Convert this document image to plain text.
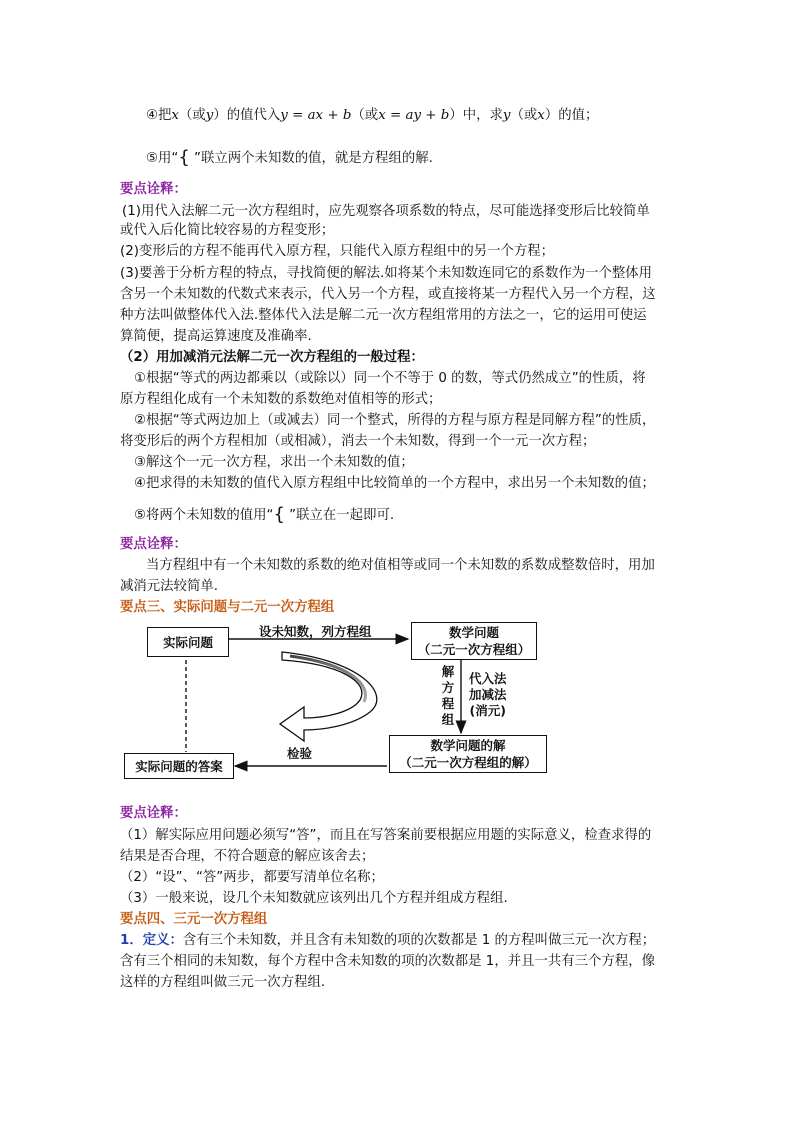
④把x（或y）的值代入y = ax + b（或x = ay + b）中，求y（或x）的值；
⑤用“{ ”联立两个未知数的值，就是方程组的解.
要点诠释：
(1)用代入法解二元一次方程组时，应先观察各项系数的特点，尽可能选择变形后比较简单
或代入后化简比较容易的方程变形；
(2)变形后的方程不能再代入原方程，只能代入原方程组中的另一个方程；
(3)要善于分析方程的特点，寻找简便的解法.如将某个未知数连同它的系数作为一个整体用
含另一个未知数的代数式来表示，代入另一个方程，或直接将某一方程代入另一个方程，这
种方法叫做整体代入法.整体代入法是解二元一次方程组常用的方法之一，它的运用可使运
算简便，提高运算速度及准确率.
（2）用加减消元法解二元一次方程组的一般过程：
①根据“等式的两边都乘以（或除以）同一个不等于 0 的数，等式仍然成立”的性质，将
原方程组化成有一个未知数的系数绝对值相等的形式；
②根据“等式两边加上（或减去）同一个整式，所得的方程与原方程是同解方程”的性质，
将变形后的两个方程相加（或相减），消去一个未知数，得到一个一元一次方程；
③解这个一元一次方程，求出一个未知数的值；
④把求得的未知数的值代入原方程组中比较简单的一个方程中，求出另一个未知数的值；
⑤将两个未知数的值用“{ ”联立在一起即可.
要点诠释：
当方程组中有一个未知数的系数的绝对值相等或同一个未知数的系数成整数倍时，用加
减消元法较简单.
要点三、实际问题与二元一次方程组
实际问题
设未知数，列方程组	数学问题
（二元一次方程组）
解
方
程
组
代入法
加减法
(消元)
数学问题的解
（二元一次方程组的解）
检验
实际问题的答案
要点诠释：
（1）解实际应用问题必须写“答”，而且在写答案前要根据应用题的实际意义，检查求得的
结果是否合理，不符合题意的解应该舍去；
（2）“设”、“答”两步，都要写清单位名称；
（3）一般来说，设几个未知数就应该列出几个方程并组成方程组.
要点四、三元一次方程组
1．定义：含有三个未知数，并且含有未知数的项的次数都是 1 的方程叫做三元一次方程；
含有三个相同的未知数，每个方程中含未知数的项的次数都是 1，并且一共有三个方程，像
这样的方程组叫做三元一次方程组.
